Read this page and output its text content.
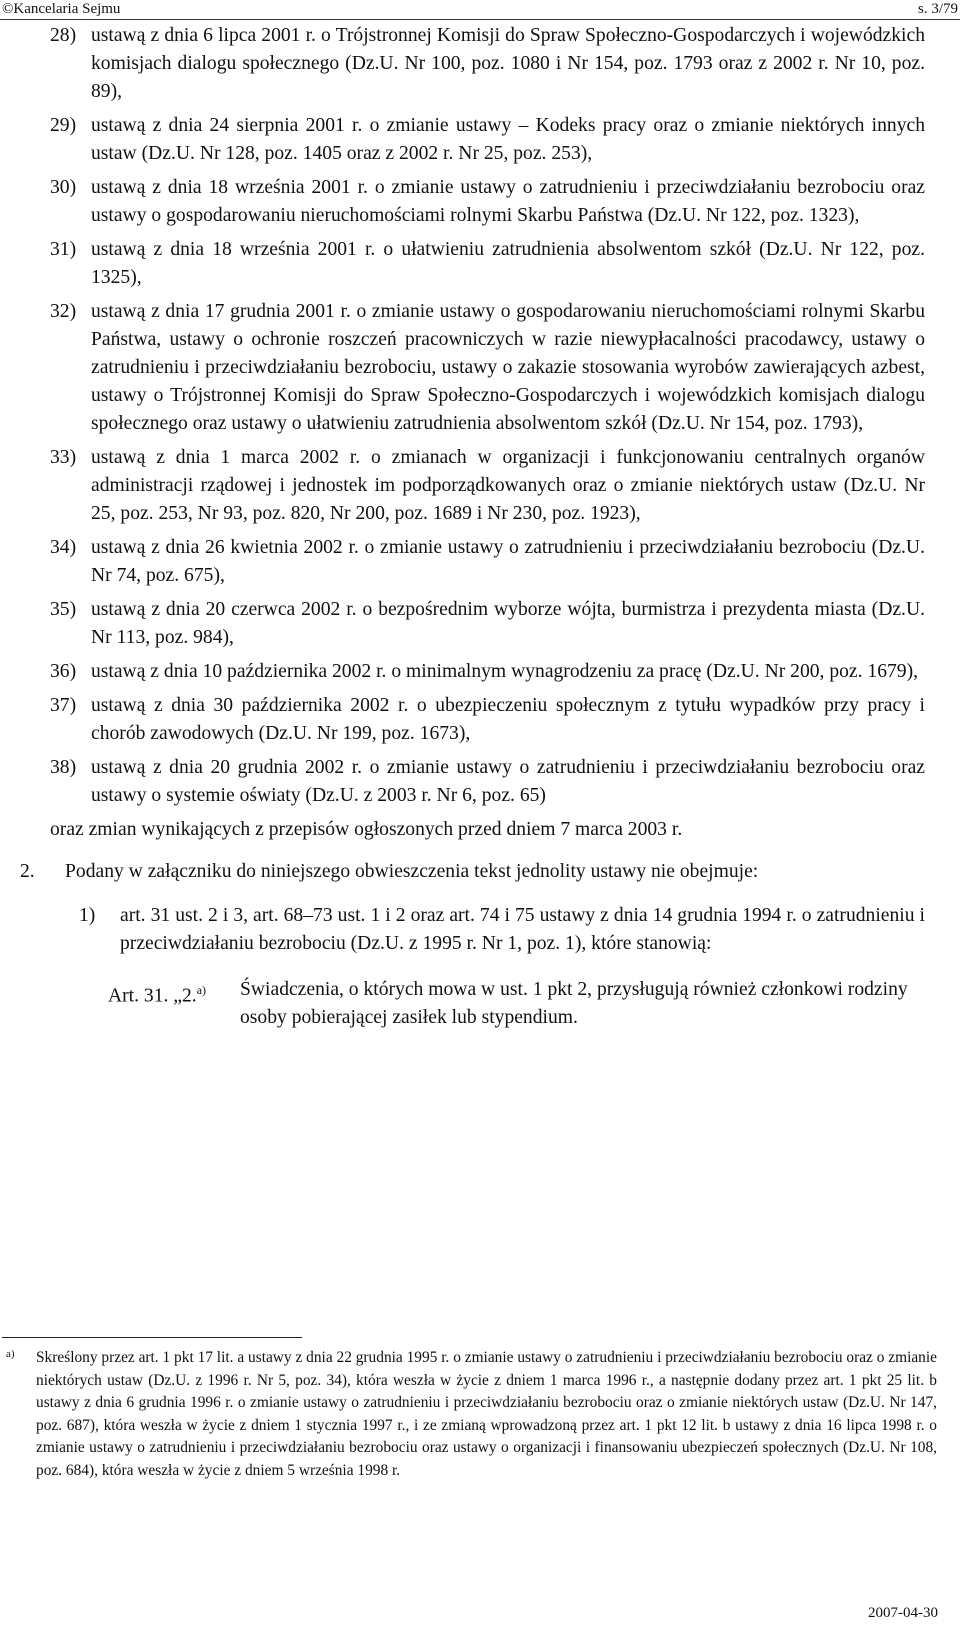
©Kancelaria Sejmu	s. 3/79
28) ustawą z dnia 6 lipca 2001 r. o Trójstronnej Komisji do Spraw Społeczno-Gospodarczych i wojewódzkich komisjach dialogu społecznego (Dz.U. Nr 100, poz. 1080 i Nr 154, poz. 1793 oraz z 2002 r. Nr 10, poz. 89),
29) ustawą z dnia 24 sierpnia 2001 r. o zmianie ustawy – Kodeks pracy oraz o zmianie niektórych innych ustaw (Dz.U. Nr 128, poz. 1405 oraz z 2002 r. Nr 25, poz. 253),
30) ustawą z dnia 18 września 2001 r. o zmianie ustawy o zatrudnieniu i przeciwdziałaniu bezrobociu oraz ustawy o gospodarowaniu nieruchomościami rolnymi Skarbu Państwa (Dz.U. Nr 122, poz. 1323),
31) ustawą z dnia 18 września 2001 r. o ułatwieniu zatrudnienia absolwentom szkół (Dz.U. Nr 122, poz. 1325),
32) ustawą z dnia 17 grudnia 2001 r. o zmianie ustawy o gospodarowaniu nieruchomościami rolnymi Skarbu Państwa, ustawy o ochronie roszczeń pracowniczych w razie niewypłacalności pracodawcy, ustawy o zatrudnieniu i przeciwdziałaniu bezrobociu, ustawy o zakazie stosowania wyrobów zawierających azbest, ustawy o Trójstronnej Komisji do Spraw Społeczno-Gospodarczych i wojewódzkich komisjach dialogu społecznego oraz ustawy o ułatwieniu zatrudnienia absolwentom szkół (Dz.U. Nr 154, poz. 1793),
33) ustawą z dnia 1 marca 2002 r. o zmianach w organizacji i funkcjonowaniu centralnych organów administracji rządowej i jednostek im podporządkowanych oraz o zmianie niektórych ustaw (Dz.U. Nr 25, poz. 253, Nr 93, poz. 820, Nr 200, poz. 1689 i Nr 230, poz. 1923),
34) ustawą z dnia 26 kwietnia 2002 r. o zmianie ustawy o zatrudnieniu i przeciwdziałaniu bezrobociu (Dz.U. Nr 74, poz. 675),
35) ustawą z dnia 20 czerwca 2002 r. o bezpośrednim wyborze wójta, burmistrza i prezydenta miasta (Dz.U. Nr 113, poz. 984),
36) ustawą z dnia 10 października 2002 r. o minimalnym wynagrodzeniu za pracę (Dz.U. Nr 200, poz. 1679),
37) ustawą z dnia 30 października 2002 r. o ubezpieczeniu społecznym z tytułu wypadków przy pracy i chorób zawodowych (Dz.U. Nr 199, poz. 1673),
38) ustawą z dnia 20 grudnia 2002 r. o zmianie ustawy o zatrudnieniu i przeciwdziałaniu bezrobociu oraz ustawy o systemie oświaty (Dz.U. z 2003 r. Nr 6, poz. 65)
oraz zmian wynikających z przepisów ogłoszonych przed dniem 7 marca 2003 r.
2. Podany w załączniku do niniejszego obwieszczenia tekst jednolity ustawy nie obejmuje:
1) art. 31 ust. 2 i 3, art. 68–73 ust. 1 i 2 oraz art. 74 i 75 ustawy z dnia 14 grudnia 1994 r. o zatrudnieniu i przeciwdziałaniu bezrobociu (Dz.U. z 1995 r. Nr 1, poz. 1), które stanowią:
Art. 31. „2.$^{a)}$ Świadczenia, o których mowa w ust. 1 pkt 2, przysługują również członkowi rodziny osoby pobierającej zasiłek lub stypendium.
a) Skreślony przez art. 1 pkt 17 lit. a ustawy z dnia 22 grudnia 1995 r. o zmianie ustawy o zatrudnieniu i przeciwdziałaniu bezrobociu oraz o zmianie niektórych ustaw (Dz.U. z 1996 r. Nr 5, poz. 34), która weszła w życie z dniem 1 marca 1996 r., a następnie dodany przez art. 1 pkt 25 lit. b ustawy z dnia 6 grudnia 1996 r. o zmianie ustawy o zatrudnieniu i przeciwdziałaniu bezrobociu oraz o zmianie niektórych ustaw (Dz.U. Nr 147, poz. 687), która weszła w życie z dniem 1 stycznia 1997 r., i ze zmianą wprowadzoną przez art. 1 pkt 12 lit. b ustawy z dnia 16 lipca 1998 r. o zmianie ustawy o zatrudnieniu i przeciwdziałaniu bezrobociu oraz ustawy o organizacji i finansowaniu ubezpieczeń społecznych (Dz.U. Nr 108, poz. 684), która weszła w życie z dniem 5 września 1998 r.
2007-04-30
